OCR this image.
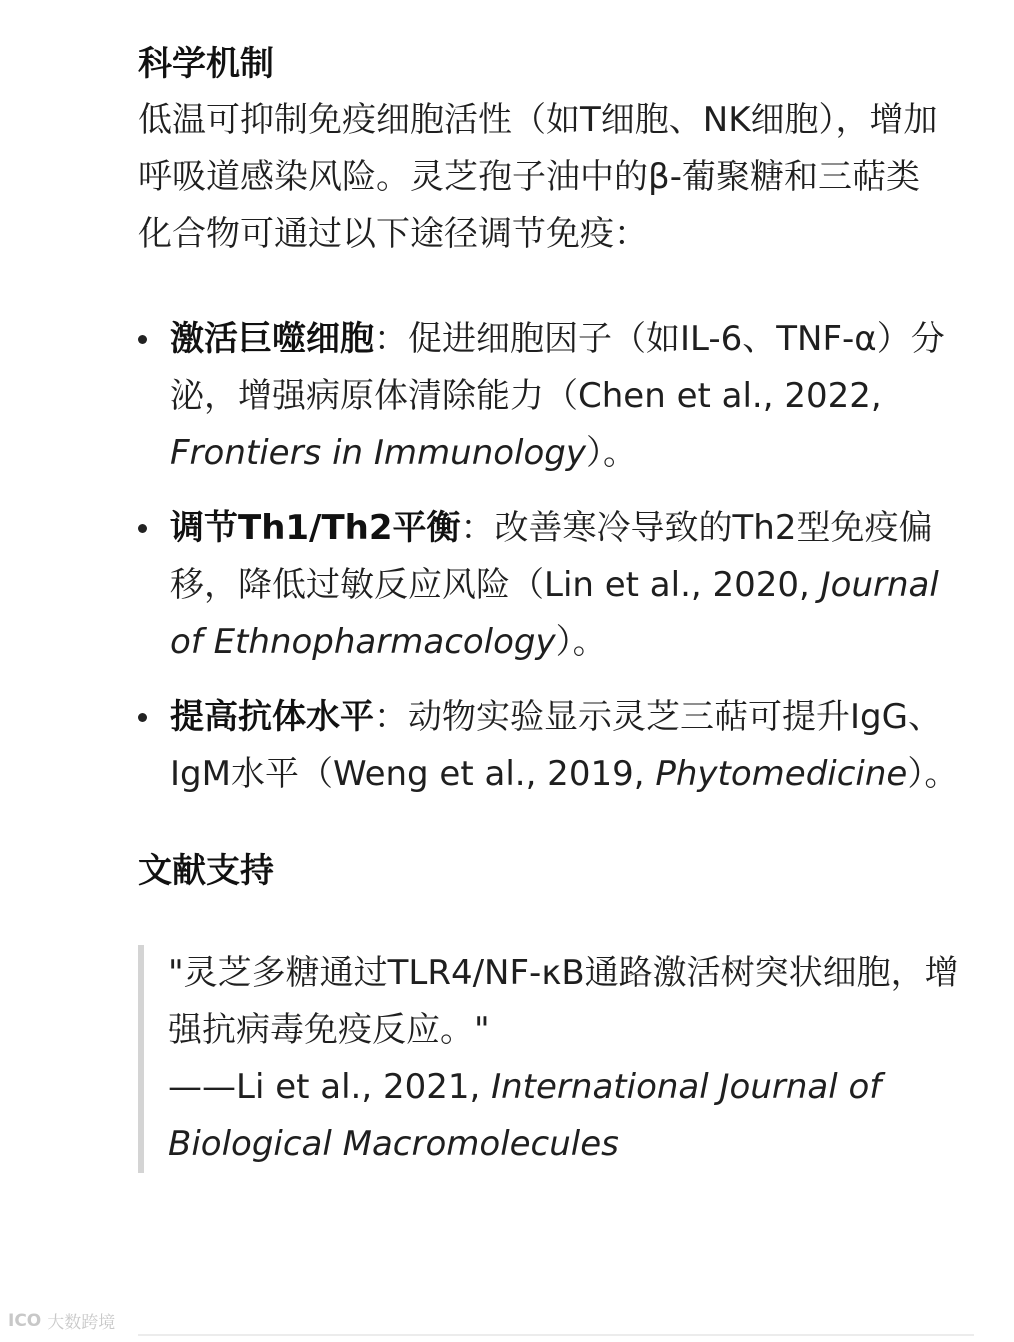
科学机制

低温可抑制免疫细胞活性（如T细胞、NK细胞），增加呼吸道感染风险。灵芝孢子油中的β-葡聚糖和三萜类化合物可通过以下途径调节免疫：

激活巨噬细胞：促进细胞因子（如IL-6、TNF-α）分泌，增强病原体清除能力（Chen et al., 2022, Frontiers in Immunology）。
调节Th1/Th2平衡：改善寒冷导致的Th2型免疫偏移，降低过敏反应风险（Lin et al., 2020, Journal of Ethnopharmacology）。
提高抗体水平：动物实验显示灵芝三萜可提升IgG、IgM水平（Weng et al., 2019, Phytomedicine）。
文献支持

"灵芝多糖通过TLR4/NF-κB通路激活树突状细胞，增强抗病毒免疫反应。"

——Li et al., 2021, International Journal of Biological Macromolecules

ICO 大数跨境
